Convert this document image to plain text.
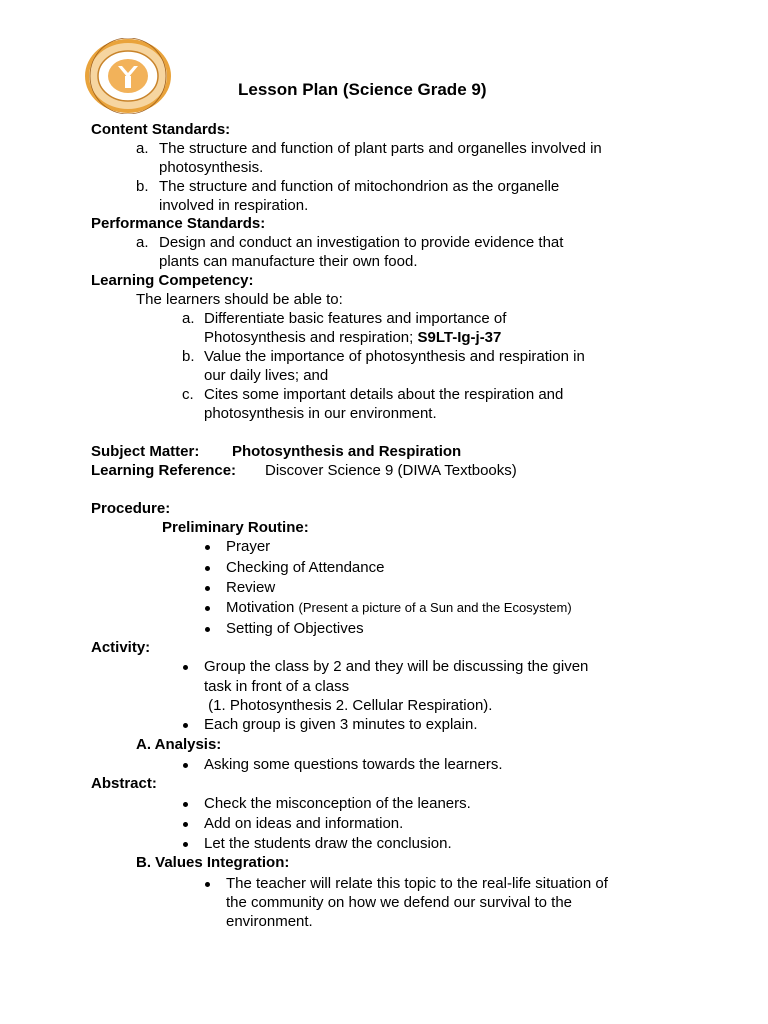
Lesson Plan (Science Grade 9)
Content Standards:
a. The structure and function of plant parts and organelles involved in
photosynthesis.
b. The structure and function of mitochondrion as the organelle
involved in respiration.
Performance Standards:
a. Design and conduct an investigation to provide evidence that
plants can manufacture their own food.
Learning Competency:
The learners should be able to:
a. Differentiate basic features and importance of
Photosynthesis and respiration; S9LT-Ig-j-37
b. Value the importance of photosynthesis and respiration in
our daily lives; and
c. Cites some important details about the respiration and
photosynthesis in our environment.
Subject Matter: Photosynthesis and Respiration
Learning Reference: Discover Science 9 (DIWA Textbooks)
Procedure:
Preliminary Routine:
Prayer
Checking of Attendance
Review
Motivation (Present a picture of a Sun and the Ecosystem)
Setting of Objectives
Activity:
Group the class by 2 and they will be discussing the given
task in front of a class
(1. Photosynthesis 2. Cellular Respiration).
Each group is given 3 minutes to explain.
A. Analysis:
Asking some questions towards the learners.
Abstract:
Check the misconception of the leaners.
Add on ideas and information.
Let the students draw the conclusion.
B. Values Integration:
The teacher will relate this topic to the real-life situation of
the community on how we defend our survival to the
environment.
